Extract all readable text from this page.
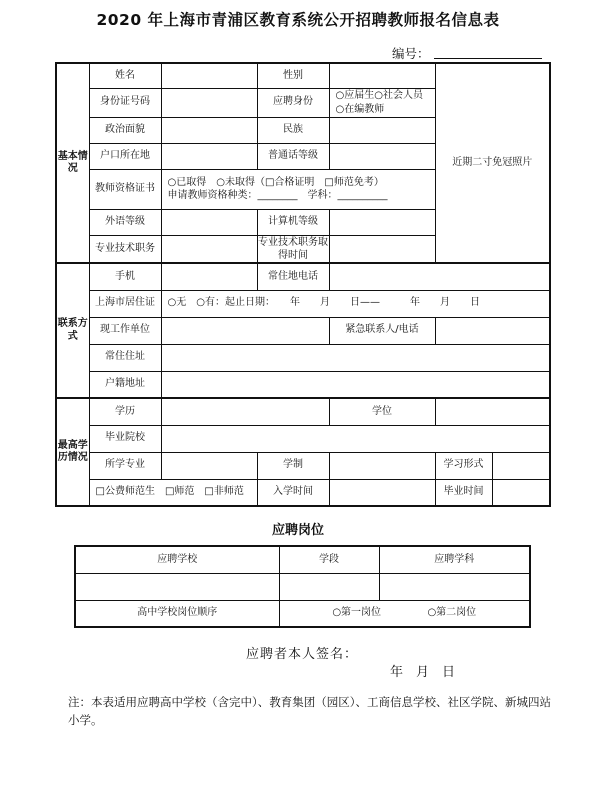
2020 年上海市青浦区教育系统公开招聘教师报名信息表
编号：
基本情况	姓名		性别		近期二寸免冠照片	
	身份证号码		应聘身份	○应届生○社会人员
○在编教师		

	政治面貌		民族			
	户口所在地		普通话等级			
	教师资格证书	○已取得　○未取得（□合格证明　□师范免考）
申请教师资格种类：________　学科：__________				

	外语等级		计算机等级			
	专业技术职务		专业技术职务取得时间			

联系方式	手机		常住地电话			
	上海市居住证	○无　○有：起止日期：　　年　　月　　日——　　　年　　月　　日				
	现工作单位			紧急联系人/电话		
	常住住址					
	户籍地址					
最高学历情况	学历			学位		
	毕业院校					
	所学专业		学制		学习形式	
	□公费师范生　□师范　□非师范		入学时间		毕业时间	
应聘岗位
应聘学校	学段	应聘学科

高中学校岗位顺序	○第一岗位 ○第二岗位	
应聘者本人签名：
年　月　日
注：本表适用应聘高中学校（含完中）、教育集团（园区）、工商信息学校、社区学院、新城四站小学。
